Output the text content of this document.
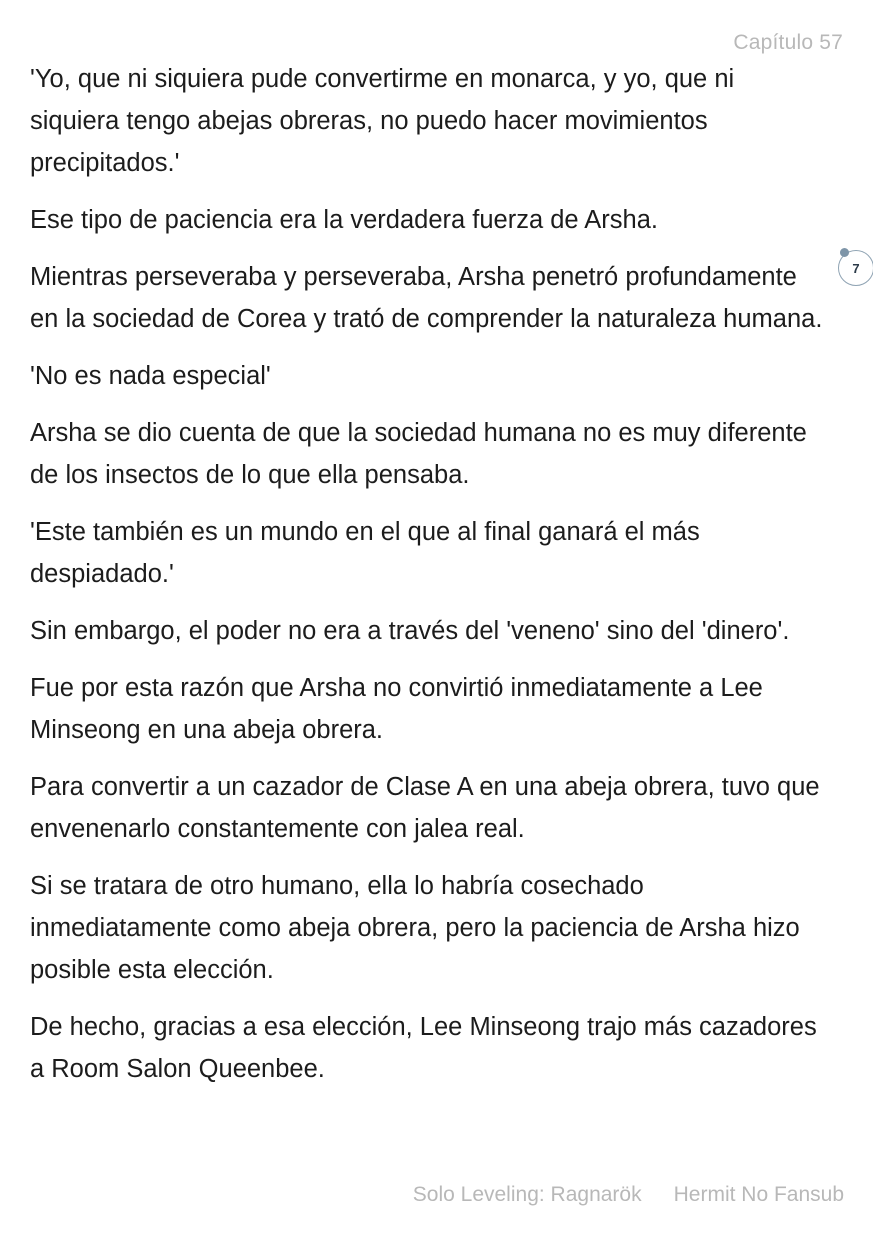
Capítulo 57

'Yo, que ni siquiera pude convertirme en monarca, y yo, que ni siquiera tengo abejas obreras, no puedo hacer movimientos precipitados.'

Ese tipo de paciencia era la verdadera fuerza de Arsha.

Mientras perseveraba y perseveraba, Arsha penetró profundamente en la sociedad de Corea y trató de comprender la naturaleza humana.

'No es nada especial'

Arsha se dio cuenta de que la sociedad humana no es muy diferente de los insectos de lo que ella pensaba.

'Este también es un mundo en el que al final ganará el más despiadado.'

Sin embargo, el poder no era a través del 'veneno' sino del 'dinero'.

Fue por esta razón que Arsha no convirtió inmediatamente a Lee Minseong en una abeja obrera.

Para convertir a un cazador de Clase A en una abeja obrera, tuvo que envenenarlo constantemente con jalea real.

Si se tratara de otro humano, ella lo habría cosechado inmediatamente como abeja obrera, pero la paciencia de Arsha hizo posible esta elección.

De hecho, gracias a esa elección, Lee Minseong trajo más cazadores a Room Salon Queenbee.

7
Solo Leveling: Ragnarök Hermit No Fansub
